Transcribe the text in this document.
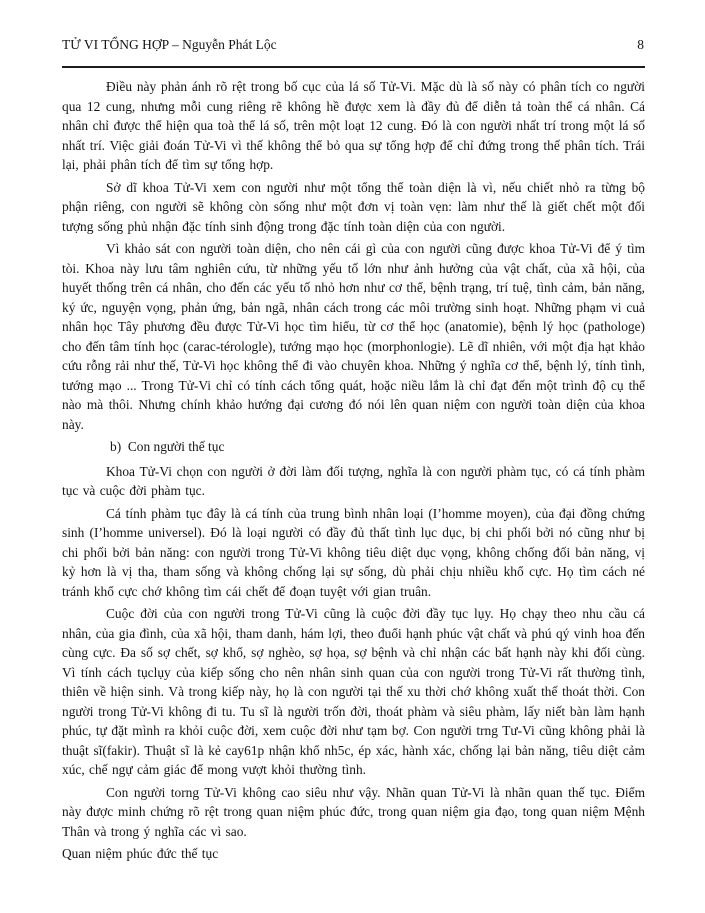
TỬ VI TỔNG HỢP – Nguyễn Phát Lộc	8

Điều này phản ánh rõ rệt trong bố cục của lá số Tử-Vi. Mặc dù là số này có phân tích co người qua 12 cung, nhưng mỗi cung riêng rẽ không hề được xem là đầy đủ để diễn tả toàn thể cá nhân. Cá nhân chỉ được thể hiện qua toà thể lá số, trên một loạt 12 cung. Đó là con người nhất trí trong một lá số nhất trí. Việc giải đoán Tử-Vi vì thế không thể bỏ qua sự tổng hợp để chỉ đứng trong thế phân tích. Trái lại, phải phân tích để tìm sự tổng hợp.

Sở dĩ khoa Tử-Vi xem con người như một tổng thể toàn diện là vì, nếu chiết nhỏ ra từng bộ phận riêng, con người sẽ không còn sống như một đơn vị toàn vẹn: làm như thế là giết chết một đối tượng sống phủ nhận đặc tính sinh động trong đặc tính toàn diện của con người.

Vì khảo sát con người toàn diện, cho nên cái gì của con người cũng được khoa Tử-Vi để ý tìm tòi. Khoa này lưu tâm nghiên cứu, từ những yếu tố lớn như ảnh hưởng của vật chất, của xã hội, của huyết thống trên cá nhân, cho đến các yếu tố nhỏ hơn như cơ thể, bệnh trạng, trí tuệ, tình cảm, bản năng, ký ức, nguyện vọng, phản ứng, bản ngã, nhân cách trong các môi trường sinh hoạt. Những phạm vi cuả nhân học Tây phương đều được Tử-Vi học tìm hiểu, từ cơ thể học (anatomie), bệnh lý học (pathologe) cho đến tâm tính học (carac-térologle), tướng mạo học (morphonlogie). Lẽ dĩ nhiên, với một địa hạt khảo cứu rỗng rải như thế, Tử-Vi học không thể đi vào chuyên khoa. Những ý nghĩa cơ thể, bệnh lý, tính tình, tướng mạo ... Trong Tử-Vi chỉ có tính cách tổng quát, hoặc niều lắm là chỉ đạt đến một trình độ cụ thể nào mà thôi. Nhưng chính khảo hướng đại cương đó nói lên quan niệm con người toàn diện của khoa này.

b)  Con người thế tục

Khoa Tử-Vi chọn con người ở đời làm đối tượng, nghĩa là con người phàm tục, có cá tính phàm tục và cuộc đời phàm tục.

Cá tính phàm tục đây là cá tính của trung bình nhân loại (I’homme moyen), của đại đồng chứng sinh (I’homme universel). Đó là loại người có đầy đủ thất tình lục dục, bị chi phối bởi nó cũng như bị chi phối bởi bản năng: con người trong Tử-Vi không tiêu diệt dục vọng, không chống đối bản năng, vị kỷ hơn là vị tha, tham sống và không chống lại sự sống, dù phải chịu nhiều khổ cực. Họ tìm cách né tránh khổ cực chớ không tìm cái chết để đoạn tuyệt với gian truân.

Cuộc đời của con người trong Tử-Vi cũng là cuộc đời đầy tục lụy. Họ chạy theo nhu cầu cá nhân, của gia đình, của xã hội, tham danh, hám lợi, theo đuổi hạnh phúc vật chất và phú qý vinh hoa đến cùng cực. Đa số sợ chết, sợ khổ, sợ nghèo, sợ họa, sợ bệnh và chỉ nhận các bất hạnh này khi đối cùng. Vì tính cách tụclụy của kiếp sống cho nên nhân sinh quan của con người trong Tử-Vi rất thường tình, thiên về hiện sinh. Và trong kiếp này, họ là con người tại thế xu thời chớ không xuất thế thoát thời. Con người trong Tử-Vi không đi tu. Tu sĩ là người trốn đời, thoát phàm và siêu phàm, lấy niết bàn làm hạnh phúc, tự đặt mình ra khỏi cuộc đời, xem cuộc đời như tạm bợ. Con người trng Tư-Vi cũng không phải là thuật sĩ(fakir). Thuật sĩ là kẻ cay61p nhận khổ nh5c, ép xác, hành xác, chống lại bản năng, tiêu diệt cảm xúc, chế ngự cảm giác để mong vượt khỏi thường tình.

Con người torng Tử-Vi không cao siêu như vậy. Nhãn quan Tử-Vi là nhãn quan thế tục. Điểm này được minh chứng rõ rệt trong quan niệm phúc đức, trong quan niệm gia đạo, tong quan niệm Mệnh Thân và trong ý nghĩa các vì sao.

Quan niệm phúc đức thế tục
